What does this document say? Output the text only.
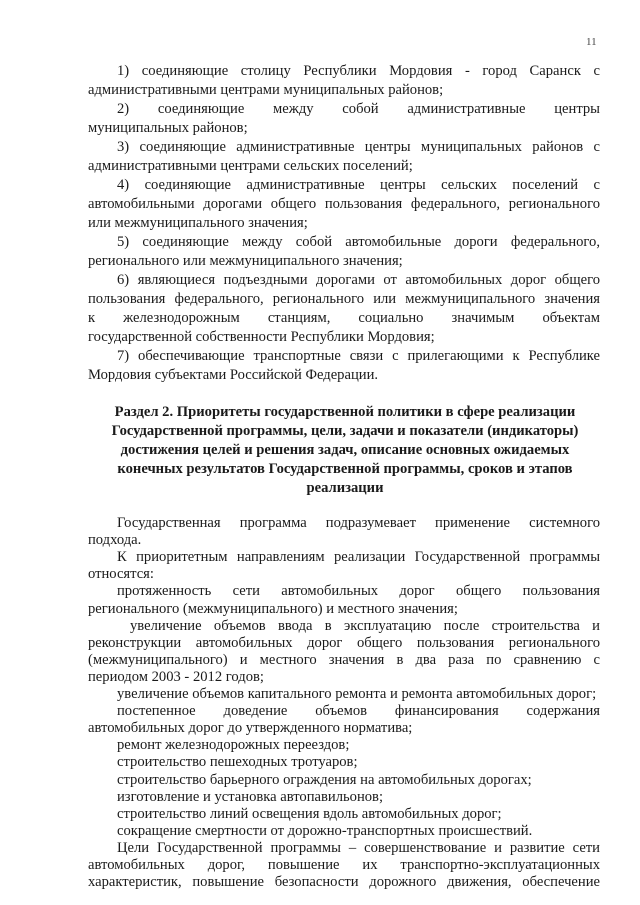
11
1) соединяющие столицу Республики Мордовия - город Саранск с
административными центрами муниципальных районов;
2) соединяющие между собой административные центры
муниципальных районов;
3) соединяющие административные центры муниципальных районов с
административными центрами сельских поселений;
4) соединяющие административные центры сельских поселений с
автомобильными дорогами общего пользования федерального, регионального
или межмуниципального значения;
5) соединяющие между собой автомобильные дороги федерального,
регионального или межмуниципального значения;
6) являющиеся подъездными дорогами от автомобильных дорог общего
пользования федерального, регионального или межмуниципального значения
к железнодорожным станциям, социально значимым объектам
государственной собственности Республики Мордовия;
7) обеспечивающие транспортные связи с прилегающими к Республике
Мордовия субъектами Российской Федерации.
Раздел 2. Приоритеты государственной политики в сфере реализации
Государственной программы, цели, задачи и показатели (индикаторы)
достижения целей и решения задач, описание основных ожидаемых
конечных результатов Государственной программы, сроков и этапов
реализации
Государственная программа подразумевает применение системного
подхода.
К приоритетным направлениям реализации Государственной программы
относятся:
протяженность сети автомобильных дорог общего пользования
регионального (межмуниципального) и местного значения;
увеличение объемов ввода в эксплуатацию после строительства и
реконструкции автомобильных дорог общего пользования регионального
(межмуниципального) и местного значения в два раза по сравнению с
периодом 2003 - 2012 годов;
увеличение объемов капитального ремонта и ремонта автомобильных дорог;
постепенное доведение объемов финансирования содержания
автомобильных дорог до утвержденного норматива;
ремонт железнодорожных переездов;
строительство пешеходных тротуаров;
строительство барьерного ограждения на автомобильных дорогах;
изготовление и установка автопавильонов;
строительство линий освещения вдоль автомобильных дорог;
сокращение смертности от дорожно-транспортных происшествий.
Цели Государственной программы – совершенствование и развитие сети
автомобильных дорог, повышение их транспортно-эксплуатационных
характеристик, повышение безопасности дорожного движения, обеспечение
